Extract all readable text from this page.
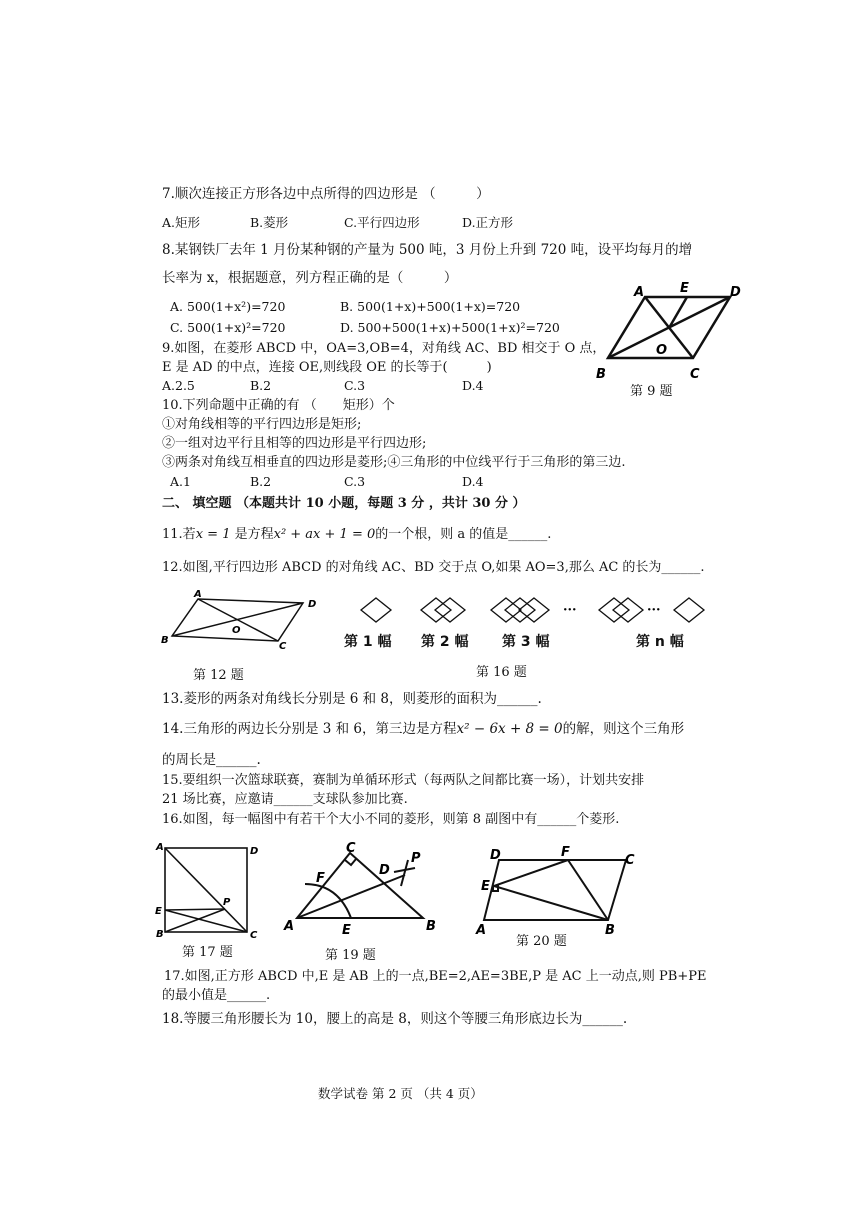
7.顺次连接正方形各边中点所得的四边形是 （　　　）
A.矩形	B.菱形	C.平行四边形	D.正方形
8.某钢铁厂去年 1 月份某种钢的产量为 500 吨，3 月份上升到 720 吨，设平均每月的增
长率为 x，根据题意，列方程正确的是（　　　）
A. 500(1+x²)=720	B. 500(1+x)+500(1+x)=720
C. 500(1+x)²=720	D. 500+500(1+x)+500(1+x)²=720
A	E	D
O
B	C
第 9 题
9.如图，在菱形 ABCD 中，OA=3,OB=4，对角线 AC、BD 相交于 O 点，
E 是 AD 的中点，连接 OE,则线段 OE 的长等于(　　　)
A.2.5	B.2	C.3	D.4
10.下列命题中正确的有 （　　矩形）个
①对角线相等的平行四边形是矩形;
②一组对边平行且相等的四边形是平行四边形;
③两条对角线互相垂直的四边形是菱形;④三角形的中位线平行于三角形的第三边.
A.1	B.2	C.3	D.4
二、 填空题 （本题共计 10 小题，每题 3 分 ，共计 30 分 ）
11.若x = 1 是方程x² + ax + 1 = 0的一个根，则 a 的值是______.
12.如图,平行四边形 ABCD 的对角线 AC、BD 交于点 O,如果 AO=3,那么 AC 的长为______.
A
D
O
B
C
第 12 题
···	···
第 1 幅 第 2 幅 第 3 幅	第 n 幅
第 16 题
13.菱形的两条对角线长分别是 6 和 8，则菱形的面积为______.
14.三角形的两边长分别是 3 和 6，第三边是方程x² − 6x + 8 = 0的解，则这个三角形
的周长是______.
15.要组织一次篮球联赛，赛制为单循环形式（每两队之间都比赛一场），计划共安排
21 场比赛，应邀请______支球队参加比赛.
16.如图，每一幅图中有若干个大小不同的菱形，则第 8 副图中有______个菱形.
A	D
E
P
B	C
第 17 题
C
P
F
D
A	E	B
第 19 题
D	F
C
E
A	B
第 20 题
17.如图,正方形 ABCD 中,E 是 AB 上的一点,BE=2,AE=3BE,P 是 AC 上一动点,则 PB+PE
的最小值是______.
18.等腰三角形腰长为 10，腰上的高是 8，则这个等腰三角形底边长为______.
数学试卷 第 2 页 （共 4 页）
